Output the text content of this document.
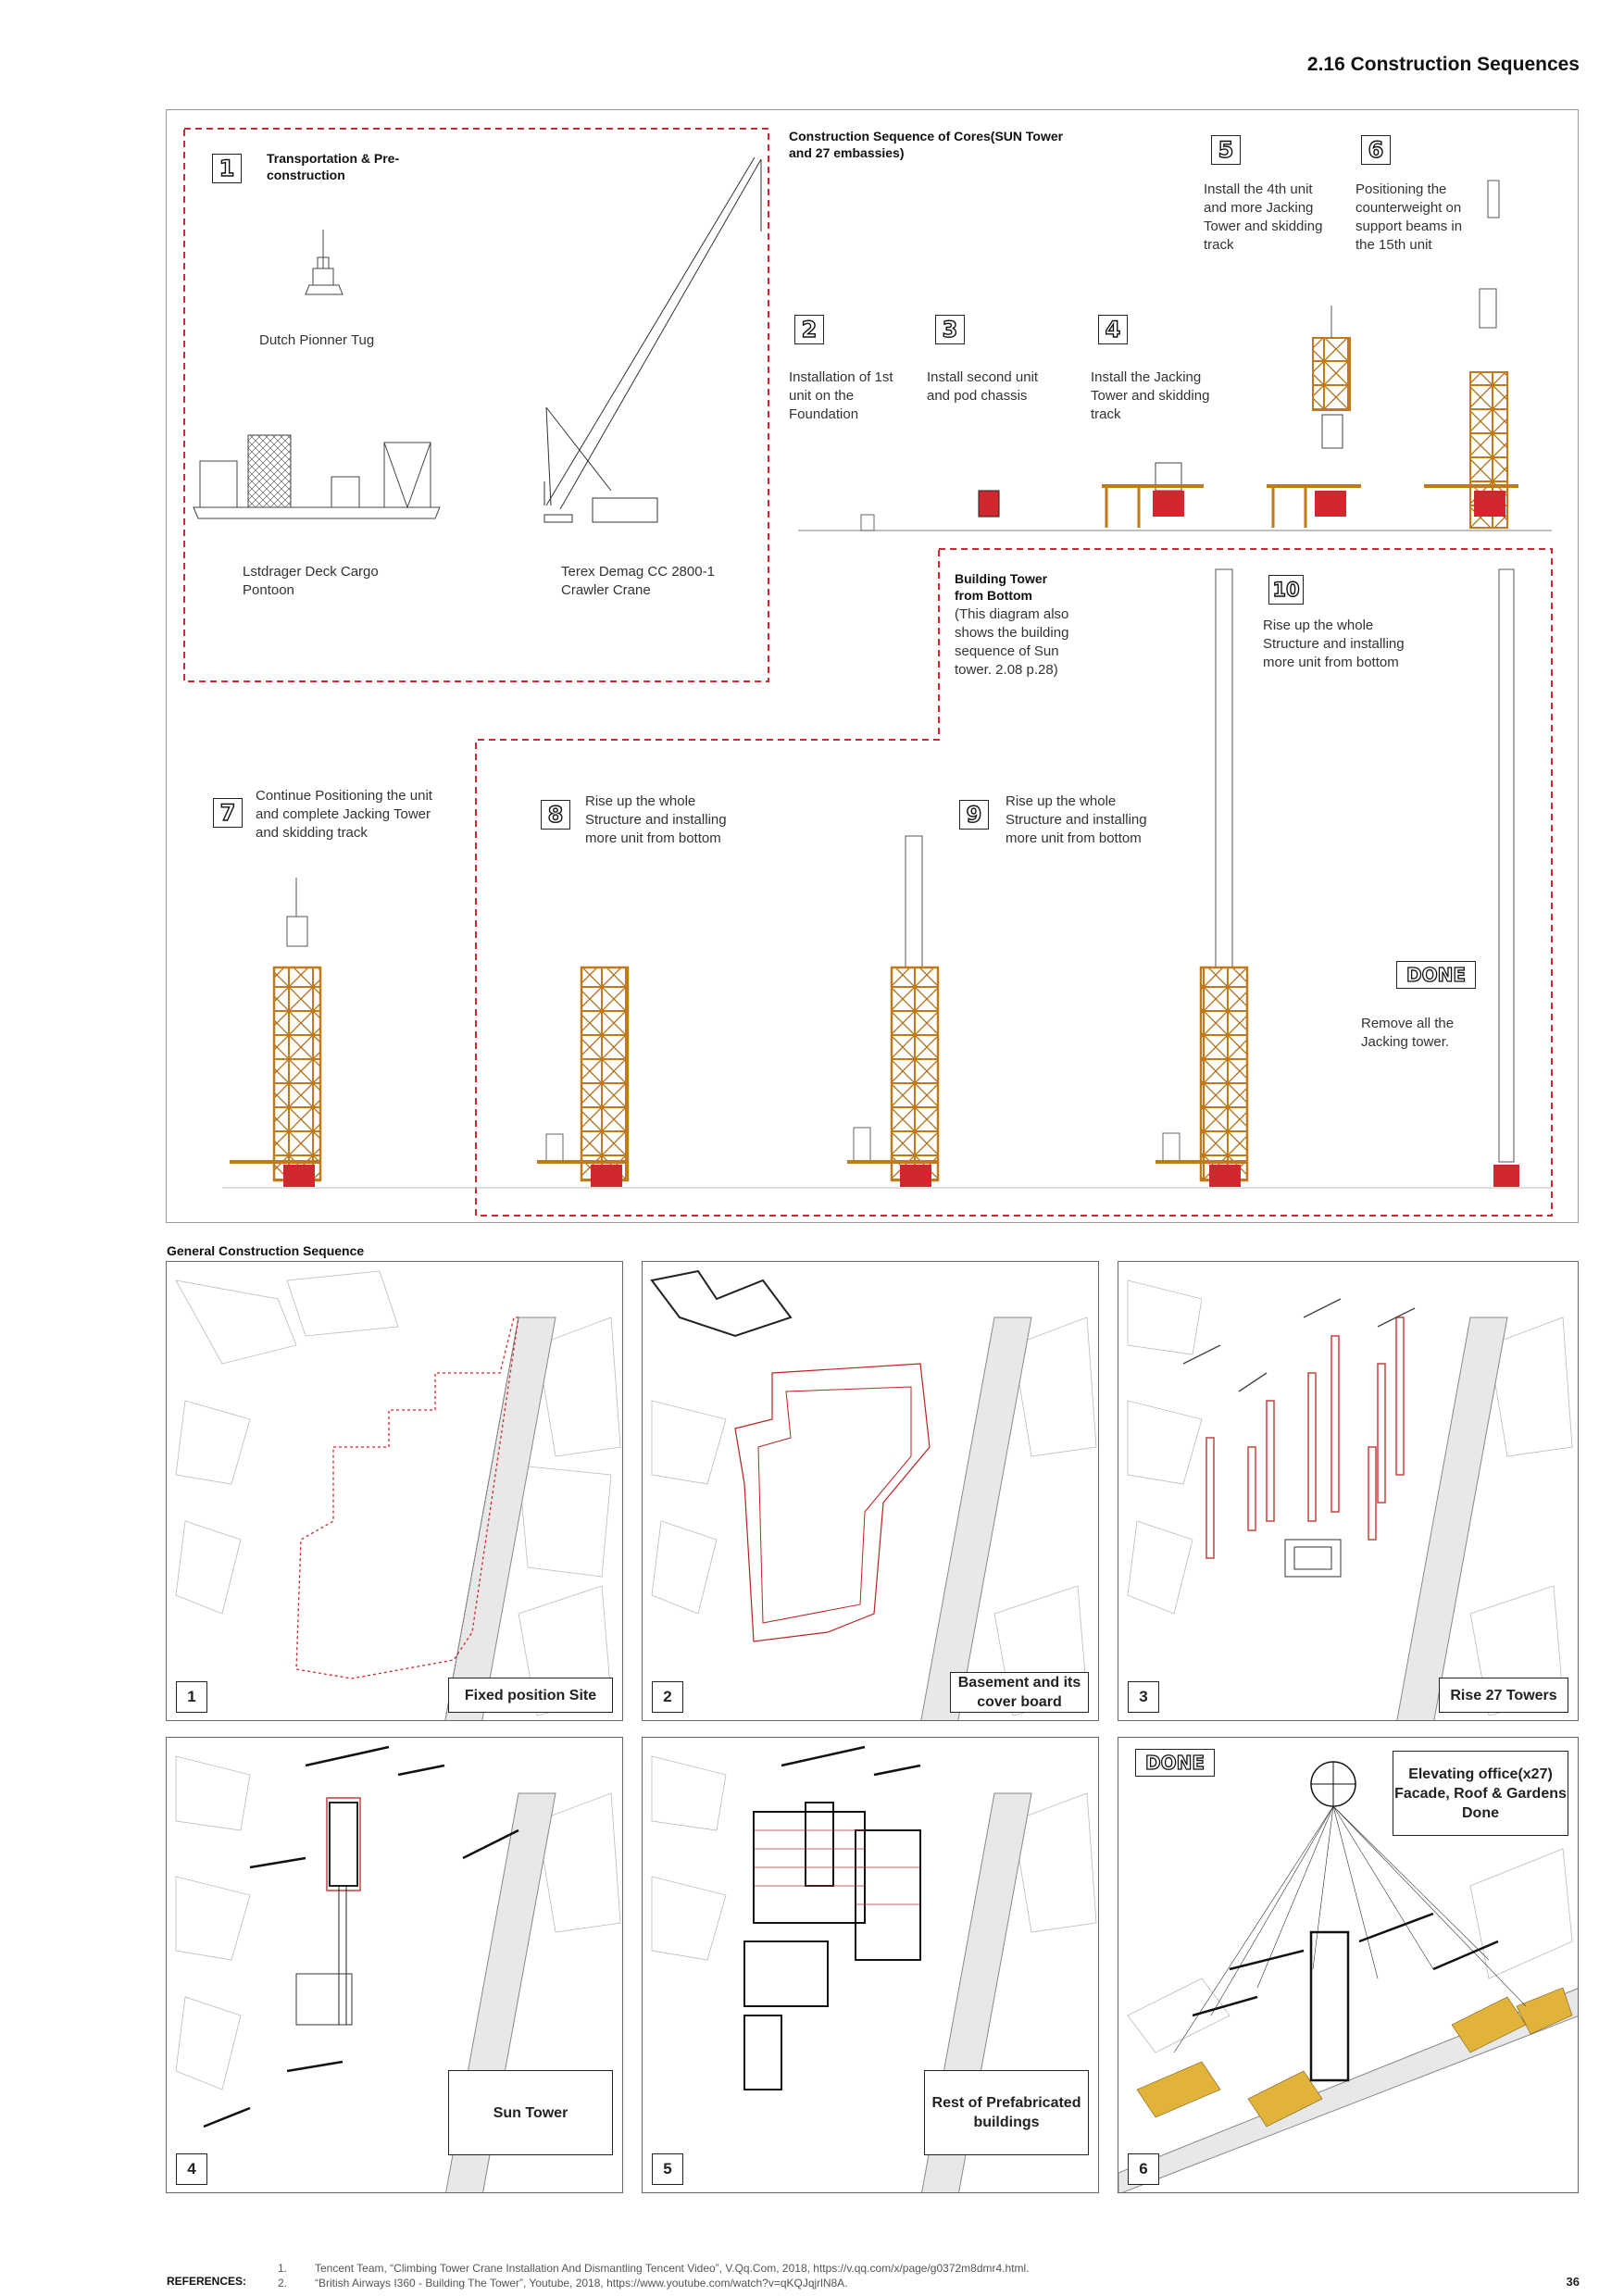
2.16 Construction Sequences
1	Transportation & Pre-construction
Dutch Pionner Tug
Lstdrager Deck Cargo Pontoon
Terex Demag CC 2800-1 Crawler Crane
Construction Sequence of Cores(SUN Tower and 27 embassies)
2
Installation of 1st unit on the Foundation
3
Install second unit and pod chassis
4
Install the Jacking Tower and skidding track
5
Install the 4th unit and more Jacking Tower and skidding track
6
Positioning the counterweight on support beams in the 15th unit
Building Tower from Bottom
(This diagram also shows the building sequence of Sun tower. 2.08 p.28)
10
Rise up the whole Structure and installing more unit from bottom
7
Continue Positioning the unit and complete Jacking Tower and skidding track
8
Rise up the whole Structure and installing more unit from bottom
9
Rise up the whole Structure and installing more unit from bottom
DONE
Remove all the Jacking tower.
General Construction Sequence
1	Fixed position Site	2
Basement and its cover board	3	Rise 27 Towers
4
Sun Tower
5
Rest of Prefabricated buildings
DONE
6
Elevating office(x27) Facade, Roof & Gardens Done
REFERENCES:
1. Tencent Team, “Climbing Tower Crane Installation And Dismantling Tencent Video”, V.Qq.Com, 2018, https://v.qq.com/x/page/g0372m8dmr4.html.
2. “British Airways I360 - Building The Tower”, Youtube, 2018, https://www.youtube.com/watch?v=qKQJqjrlN8A.	36
